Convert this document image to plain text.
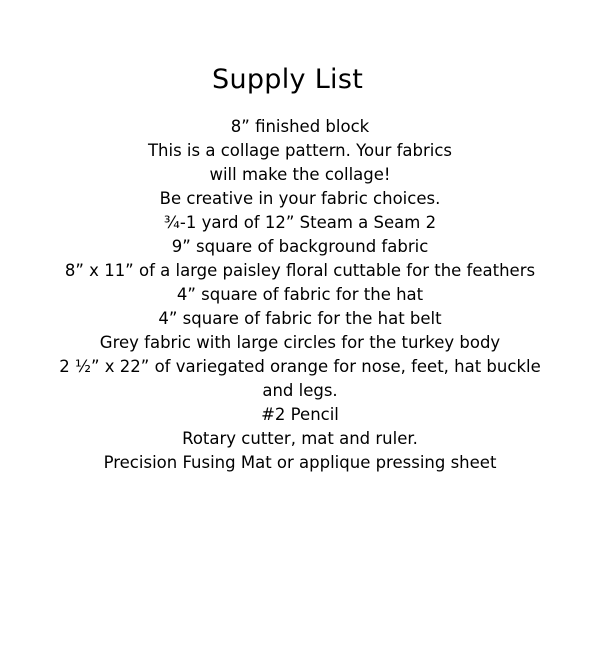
Supply List
8” finished block
This is a collage pattern. Your fabrics
will make the collage!
Be creative in your fabric choices.
¾-1 yard of 12” Steam a Seam 2
9” square of background fabric
8” x 11” of a large paisley floral cuttable for the feathers
4” square of fabric for the hat
4” square of fabric for the hat belt
Grey fabric with large circles for the turkey body
2 ½” x 22” of variegated orange for nose, feet, hat buckle
and legs.
#2 Pencil
Rotary cutter, mat and ruler.
Precision Fusing Mat or applique pressing sheet
